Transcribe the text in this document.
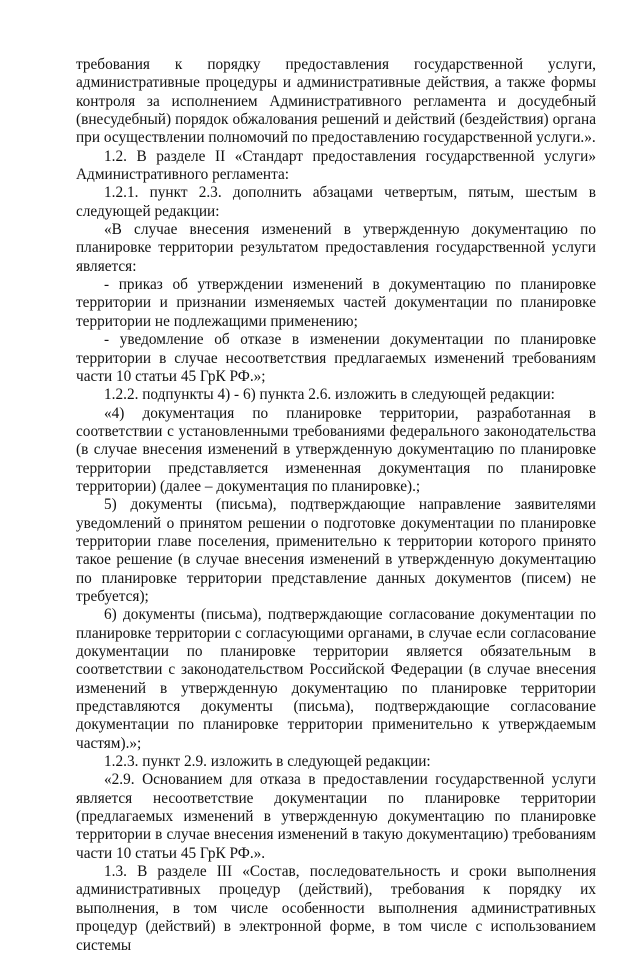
требования к порядку предоставления государственной услуги, административные процедуры и административные действия, а также формы контроля за исполнением Административного регламента и досудебный (внесудебный) порядок обжалования решений и действий (бездействия) органа при осуществлении полномочий по предоставлению государственной услуги.».

1.2. В разделе II «Стандарт предоставления государственной услуги» Административного регламента:

1.2.1. пункт 2.3. дополнить абзацами четвертым, пятым, шестым в следующей редакции:

«В случае внесения изменений в утвержденную документацию по планировке территории результатом предоставления государственной услуги является:

- приказ об утверждении изменений в документацию по планировке территории и признании изменяемых частей документации по планировке территории не подлежащими применению;

- уведомление об отказе в изменении документации по планировке территории в случае несоответствия предлагаемых изменений требованиям части 10 статьи 45 ГрК РФ.»;

1.2.2. подпункты 4) - 6) пункта 2.6. изложить в следующей редакции:

«4) документация по планировке территории, разработанная в соответствии с установленными требованиями федерального законодательства (в случае внесения изменений в утвержденную документацию по планировке территории представляется измененная документация по планировке территории) (далее – документация по планировке).;

5) документы (письма), подтверждающие направление заявителями уведомлений о принятом решении о подготовке документации по планировке территории главе поселения, применительно к территории которого принято такое решение (в случае внесения изменений в утвержденную документацию по планировке территории представление данных документов (писем) не требуется);

6) документы (письма), подтверждающие согласование документации по планировке территории с согласующими органами, в случае если согласование документации по планировке территории является обязательным в соответствии с законодательством Российской Федерации (в случае внесения изменений в утвержденную документацию по планировке территории представляются документы (письма), подтверждающие согласование документации по планировке территории применительно к утверждаемым частям).»;

1.2.3. пункт 2.9. изложить в следующей редакции:

«2.9. Основанием для отказа в предоставлении государственной услуги является несоответствие документации по планировке территории (предлагаемых изменений в утвержденную документацию по планировке территории в случае внесения изменений в такую документацию) требованиям части 10 статьи 45 ГрК РФ.».

1.3. В разделе III «Состав, последовательность и сроки выполнения административных процедур (действий), требования к порядку их выполнения, в том числе особенности выполнения административных процедур (действий) в электронной форме, в том числе с использованием системы
